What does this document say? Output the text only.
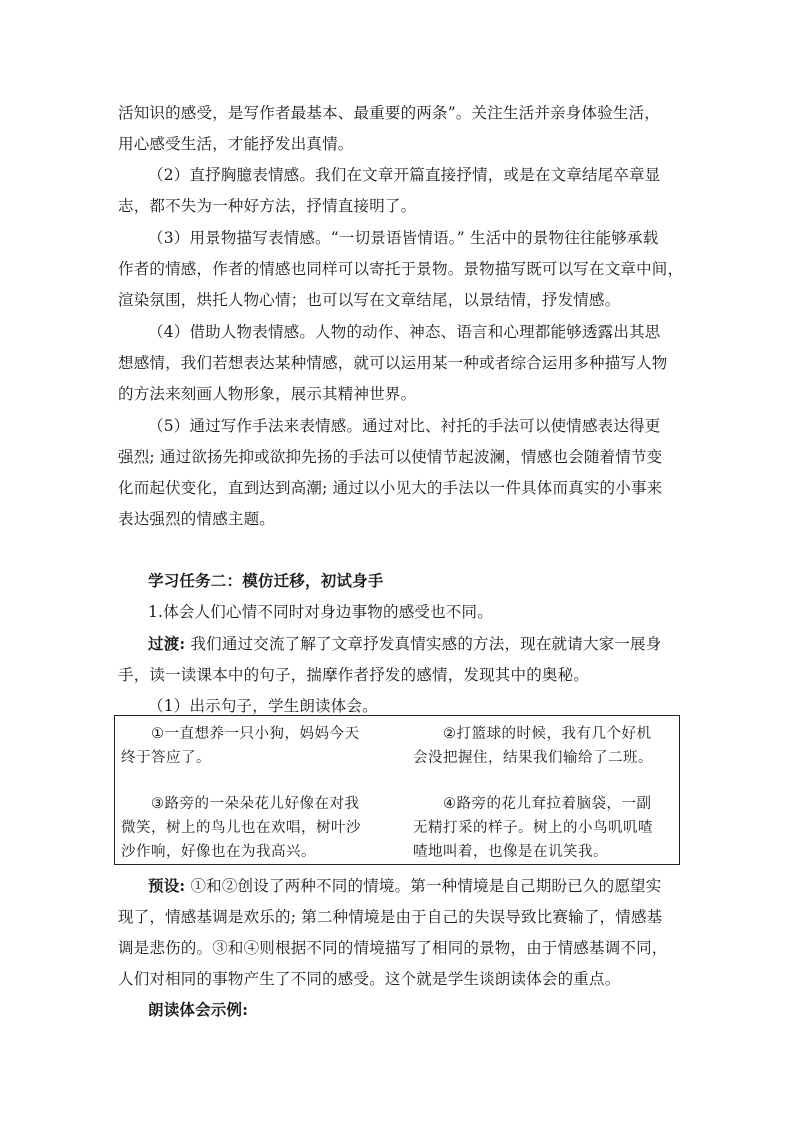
活知识的感受，是写作者最基本、最重要的两条”。关注生活并亲身体验生活，
用心感受生活，才能抒发出真情。
（2）直抒胸臆表情感。我们在文章开篇直接抒情，或是在文章结尾卒章显
志，都不失为一种好方法，抒情直接明了。
（3）用景物描写表情感。“一切景语皆情语。” 生活中的景物往往能够承载
作者的情感，作者的情感也同样可以寄托于景物。景物描写既可以写在文章中间，
渲染氛围，烘托人物心情；也可以写在文章结尾，以景结情，抒发情感。
（4）借助人物表情感。人物的动作、神态、语言和心理都能够透露出其思
想感情，我们若想表达某种情感，就可以运用某一种或者综合运用多种描写人物
的方法来刻画人物形象，展示其精神世界。
（5）通过写作手法来表情感。通过对比、衬托的手法可以使情感表达得更
强烈; 通过欲扬先抑或欲抑先扬的手法可以使情节起波澜，情感也会随着情节变
化而起伏变化，直到达到高潮; 通过以小见大的手法以一件具体而真实的小事来
表达强烈的情感主题。
学习任务二：模仿迁移，初试身手
1.体会人们心情不同时对身边事物的感受也不同。
过渡: 我们通过交流了解了文章抒发真情实感的方法，现在就请大家一展身
手，读一读课本中的句子，揣摩作者抒发的感情，发现其中的奥秘。
（1）出示句子，学生朗读体会。
①一直想养一只小狗，妈妈今天
终于答应了。
②打篮球的时候，我有几个好机
会没把握住，结果我们输给了二班。
③路旁的一朵朵花儿好像在对我
微笑，树上的鸟儿也在欢唱，树叶沙
沙作响，好像也在为我高兴。
④路旁的花儿耷拉着脑袋，一副
无精打采的样子。树上的小鸟叽叽喳
喳地叫着，也像是在讥笑我。
预设: ①和②创设了两种不同的情境。第一种情境是自己期盼已久的愿望实
现了，情感基调是欢乐的; 第二种情境是由于自己的失误导致比赛输了，情感基
调是悲伤的。③和④则根据不同的情境描写了相同的景物，由于情感基调不同，
人们对相同的事物产生了不同的感受。这个就是学生谈朗读体会的重点。
朗读体会示例:
